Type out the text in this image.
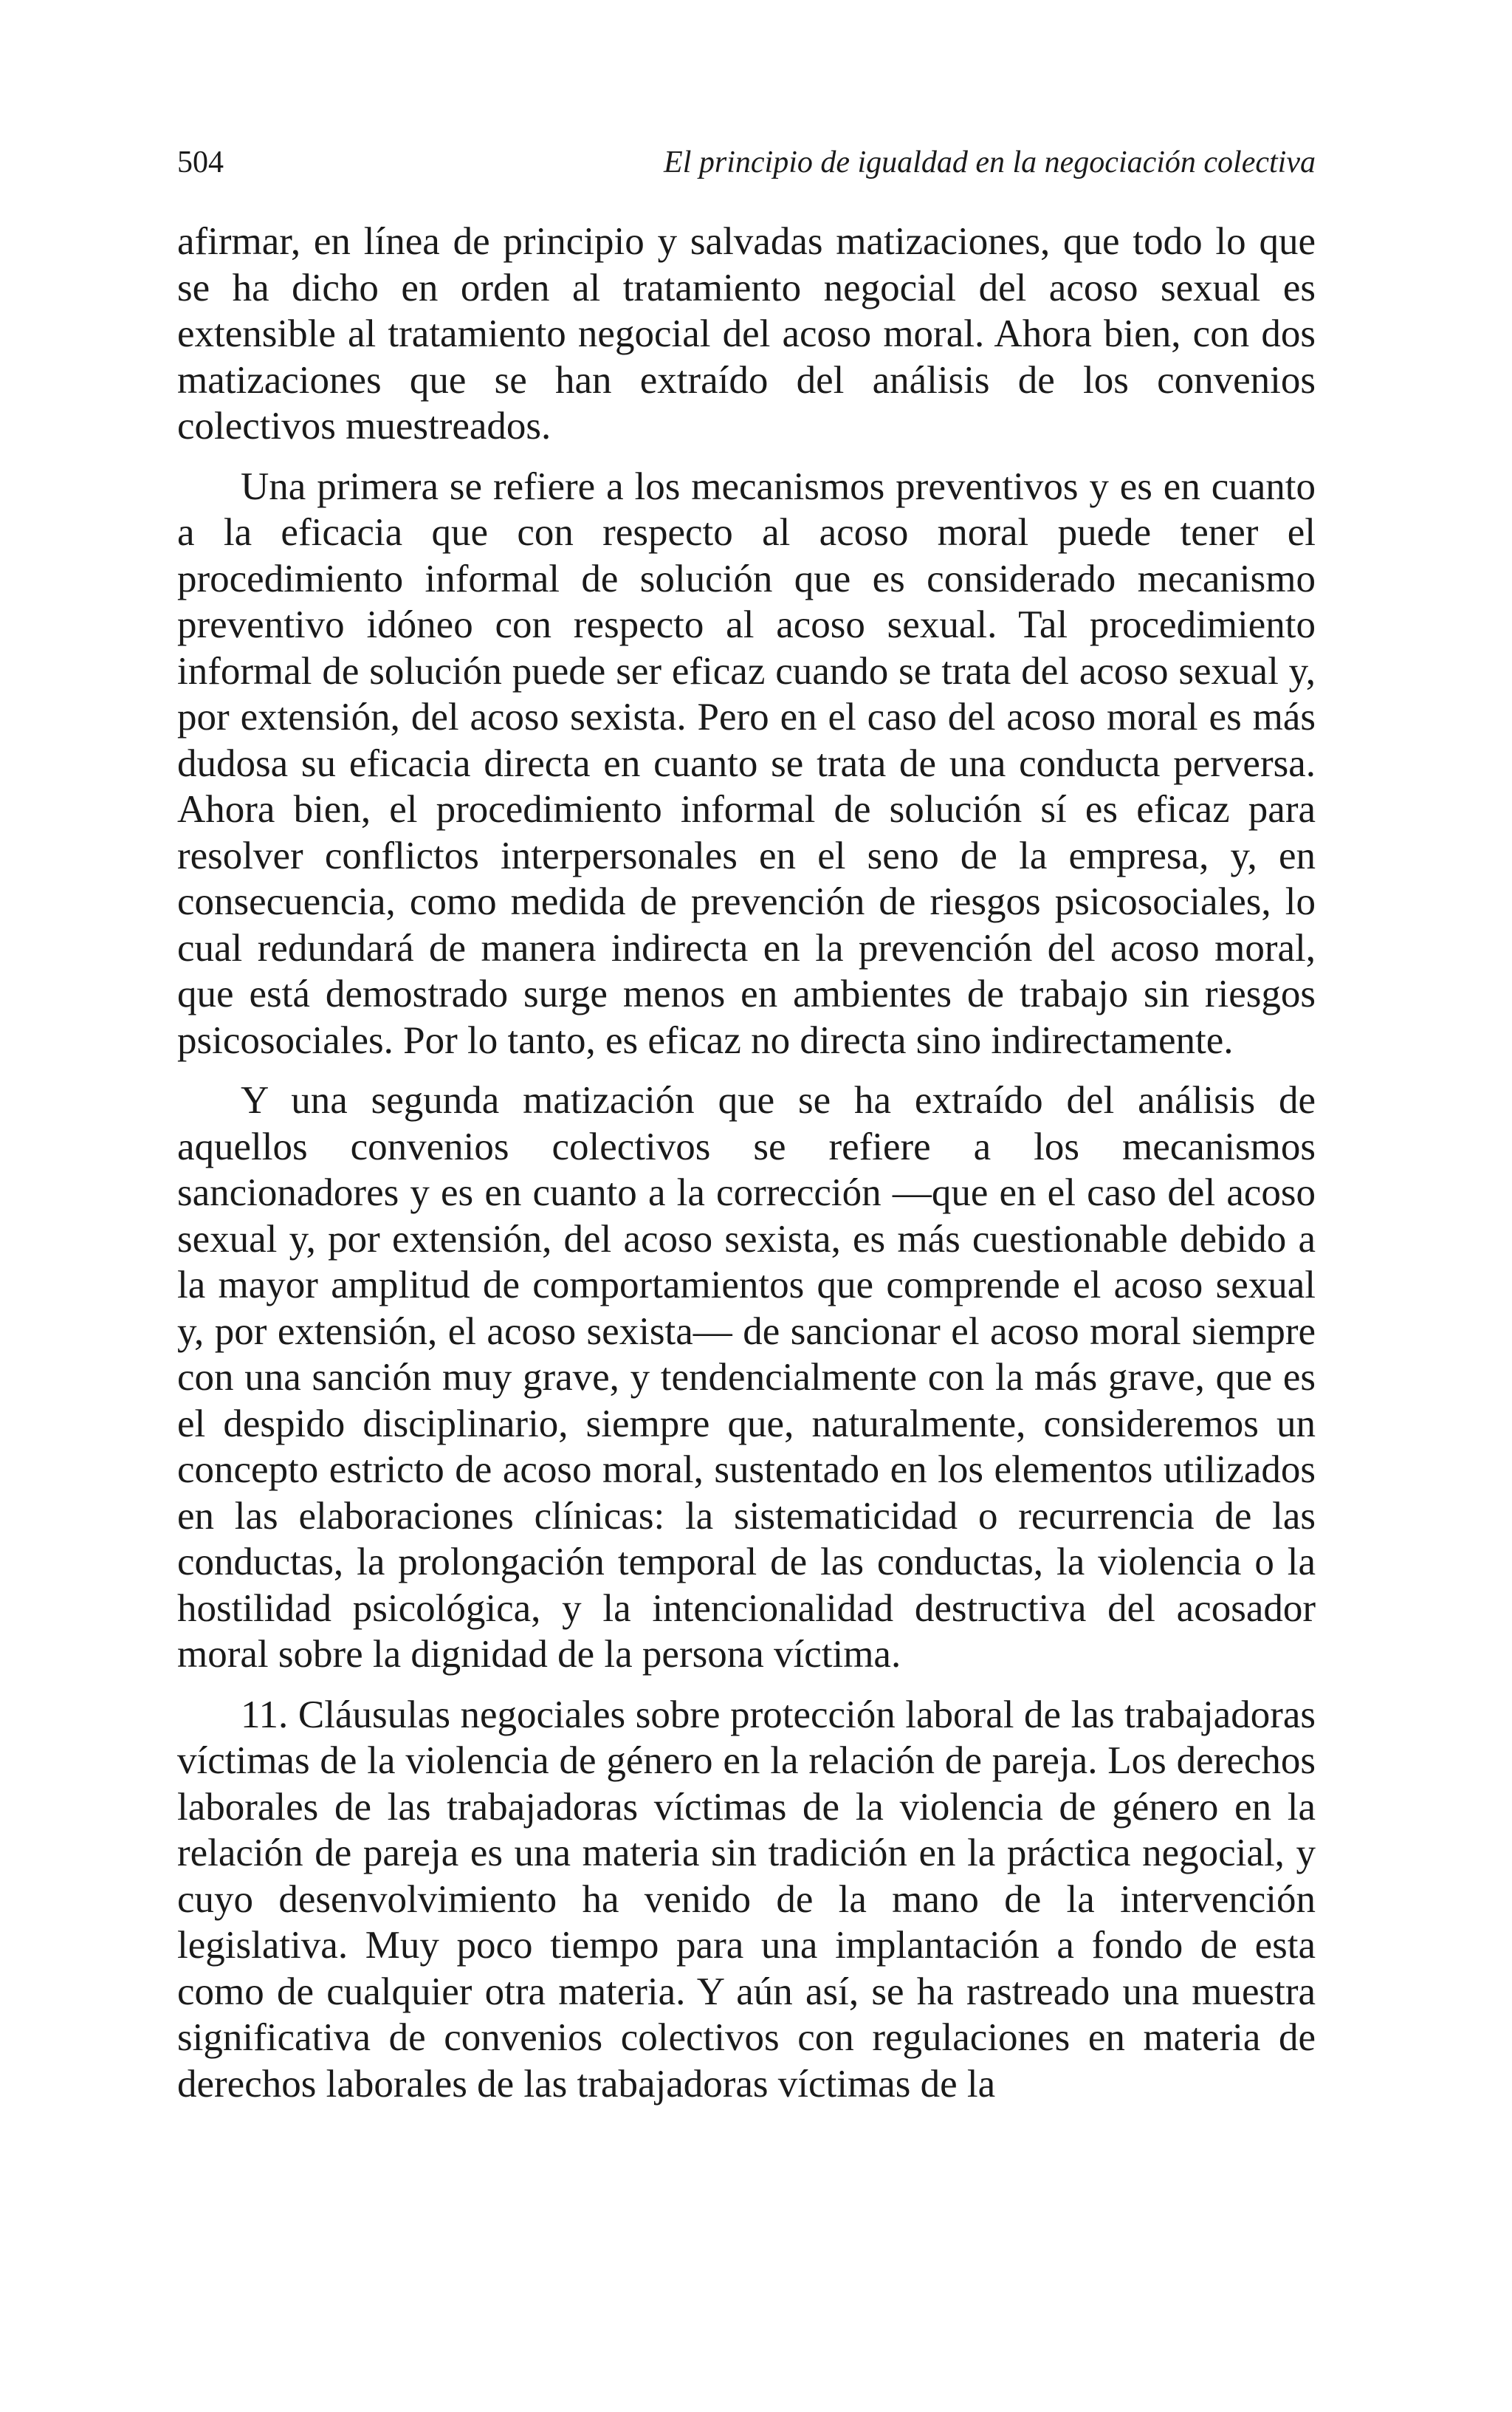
504	El principio de igualdad en la negociación colectiva

afirmar, en línea de principio y salvadas matizaciones, que todo lo que se ha dicho en orden al tratamiento negocial del acoso sexual es extensible al tratamiento negocial del acoso moral. Ahora bien, con dos matizaciones que se han extraído del análisis de los convenios colectivos muestreados.

Una primera se refiere a los mecanismos preventivos y es en cuanto a la eficacia que con respecto al acoso moral puede tener el procedimiento informal de solución que es considerado mecanismo preventivo idóneo con respecto al acoso sexual. Tal procedimiento informal de solución puede ser eficaz cuando se trata del acoso sexual y, por extensión, del acoso sexista. Pero en el caso del acoso moral es más dudosa su eficacia directa en cuanto se trata de una conducta perversa. Ahora bien, el procedimiento informal de solución sí es eficaz para resolver conflictos interpersonales en el seno de la empresa, y, en consecuencia, como medida de prevención de riesgos psicosociales, lo cual redundará de manera indirecta en la prevención del acoso moral, que está demostrado surge menos en ambientes de trabajo sin riesgos psicosociales. Por lo tanto, es eficaz no directa sino indirectamente.

Y una segunda matización que se ha extraído del análisis de aquellos convenios colectivos se refiere a los mecanismos sancionadores y es en cuanto a la corrección —que en el caso del acoso sexual y, por extensión, del acoso sexista, es más cuestionable debido a la mayor amplitud de comportamientos que comprende el acoso sexual y, por extensión, el acoso sexista— de sancionar el acoso moral siempre con una sanción muy grave, y tendencialmente con la más grave, que es el despido disciplinario, siempre que, naturalmente, consideremos un concepto estricto de acoso moral, sustentado en los elementos utilizados en las elaboraciones clínicas: la sistematicidad o recurrencia de las conductas, la prolongación temporal de las conductas, la violencia o la hostilidad psicológica, y la intencionalidad destructiva del acosador moral sobre la dignidad de la persona víctima.

11. Cláusulas negociales sobre protección laboral de las trabajadoras víctimas de la violencia de género en la relación de pareja. Los derechos laborales de las trabajadoras víctimas de la violencia de género en la relación de pareja es una materia sin tradición en la práctica negocial, y cuyo desenvolvimiento ha venido de la mano de la intervención legislativa. Muy poco tiempo para una implantación a fondo de esta como de cualquier otra materia. Y aún así, se ha rastreado una muestra significativa de convenios colectivos con regulaciones en materia de derechos laborales de las trabajadoras víctimas de la
